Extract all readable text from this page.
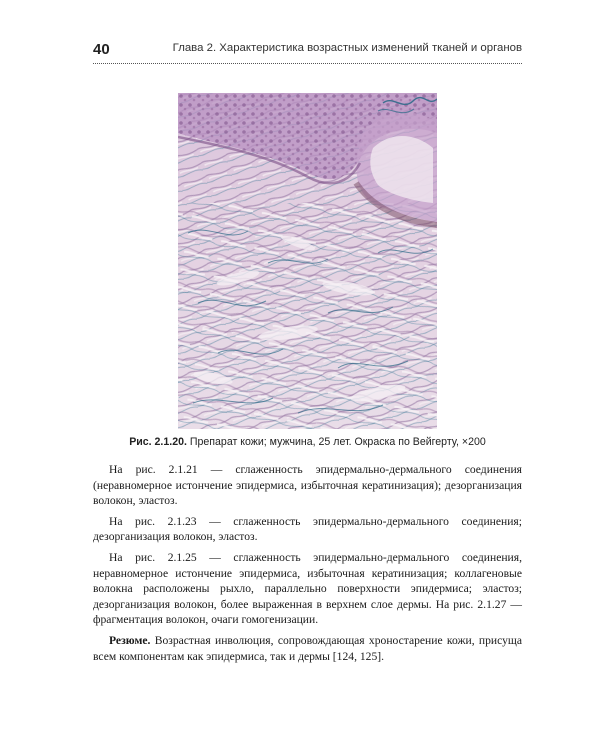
40	Глава 2. Характеристика возрастных изменений тканей и органов
Рис. 2.1.20. Препарат кожи; мужчина, 25 лет. Окраска по Вейгерту, ×200

На рис. 2.1.21 — сглаженность эпидермально-дермального соединения (неравномерное истончение эпидермиса, избыточная кератинизация); дезорганизация волокон, эластоз.

На рис. 2.1.23 — сглаженность эпидермально-дермального соединения; дезорганизация волокон, эластоз.

На рис. 2.1.25 — сглаженность эпидермально-дермального соединения, неравномерное истончение эпидермиса, избыточная кератинизация; коллагеновые волокна расположены рыхло, параллельно поверхности эпидермиса; эластоз; дезорганизация волокон, более выраженная в верхнем слое дермы. На рис. 2.1.27 — фрагментация волокон, очаги гомогенизации.

Резюме. Возрастная инволюция, сопровождающая хроностарение кожи, присуща всем компонентам как эпидермиса, так и дермы [124, 125].
